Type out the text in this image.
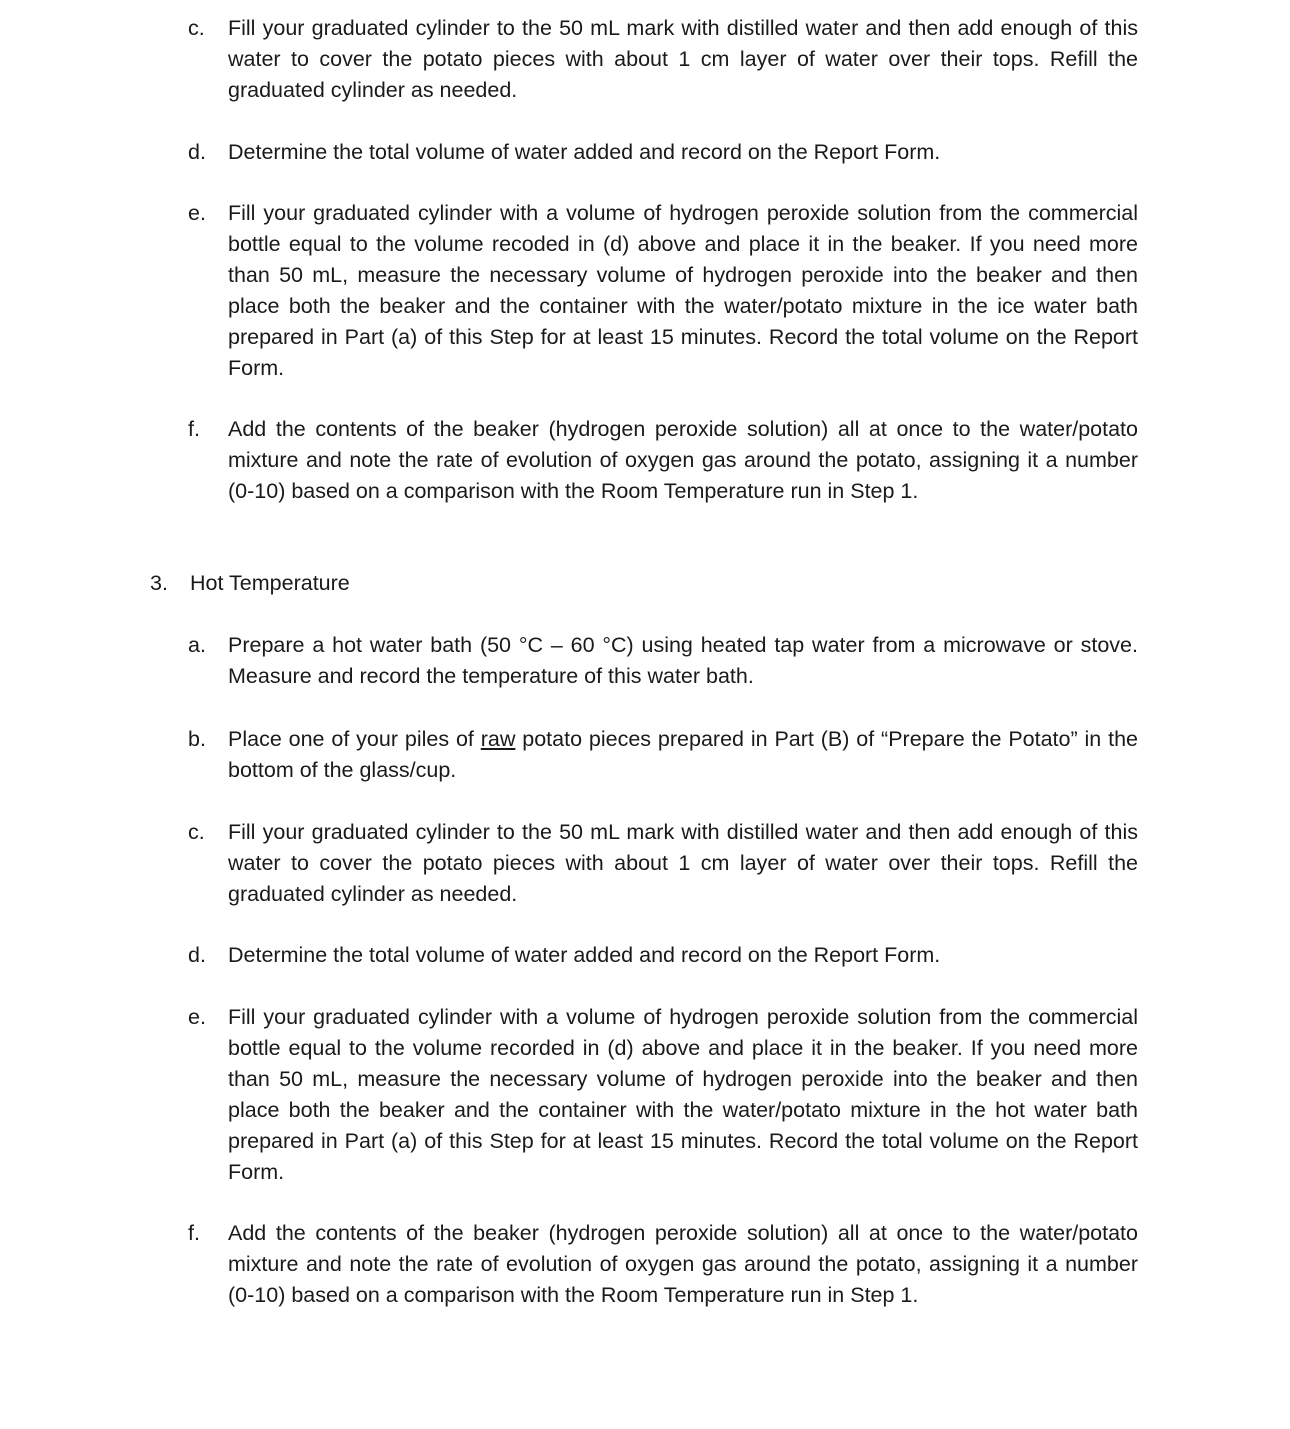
c.	Fill your graduated cylinder to the 50 mL mark with distilled water and then add enough of this water to cover the potato pieces with about 1 cm layer of water over their tops. Refill the graduated cylinder as needed.
d.	Determine the total volume of water added and record on the Report Form.
e.	Fill your graduated cylinder with a volume of hydrogen peroxide solution from the commercial bottle equal to the volume recoded in (d) above and place it in the beaker. If you need more than 50 mL, measure the necessary volume of hydrogen peroxide into the beaker and then place both the beaker and the container with the water/potato mixture in the ice water bath prepared in Part (a) of this Step for at least 15 minutes. Record the total volume on the Report Form.
f.	Add the contents of the beaker (hydrogen peroxide solution) all at once to the water/potato mixture and note the rate of evolution of oxygen gas around the potato, assigning it a number (0-10) based on a comparison with the Room Temperature run in Step 1.
3. Hot Temperature
a.	Prepare a hot water bath (50 °C – 60 °C) using heated tap water from a microwave or stove. Measure and record the temperature of this water bath.
b.	Place one of your piles of raw potato pieces prepared in Part (B) of “Prepare the Potato” in the bottom of the glass/cup.
c.	Fill your graduated cylinder to the 50 mL mark with distilled water and then add enough of this water to cover the potato pieces with about 1 cm layer of water over their tops. Refill the graduated cylinder as needed.
d.	Determine the total volume of water added and record on the Report Form.
e.	Fill your graduated cylinder with a volume of hydrogen peroxide solution from the commercial bottle equal to the volume recorded in (d) above and place it in the beaker. If you need more than 50 mL, measure the necessary volume of hydrogen peroxide into the beaker and then place both the beaker and the container with the water/potato mixture in the hot water bath prepared in Part (a) of this Step for at least 15 minutes. Record the total volume on the Report Form.
f.	Add the contents of the beaker (hydrogen peroxide solution) all at once to the water/potato mixture and note the rate of evolution of oxygen gas around the potato, assigning it a number (0-10) based on a comparison with the Room Temperature run in Step 1.
